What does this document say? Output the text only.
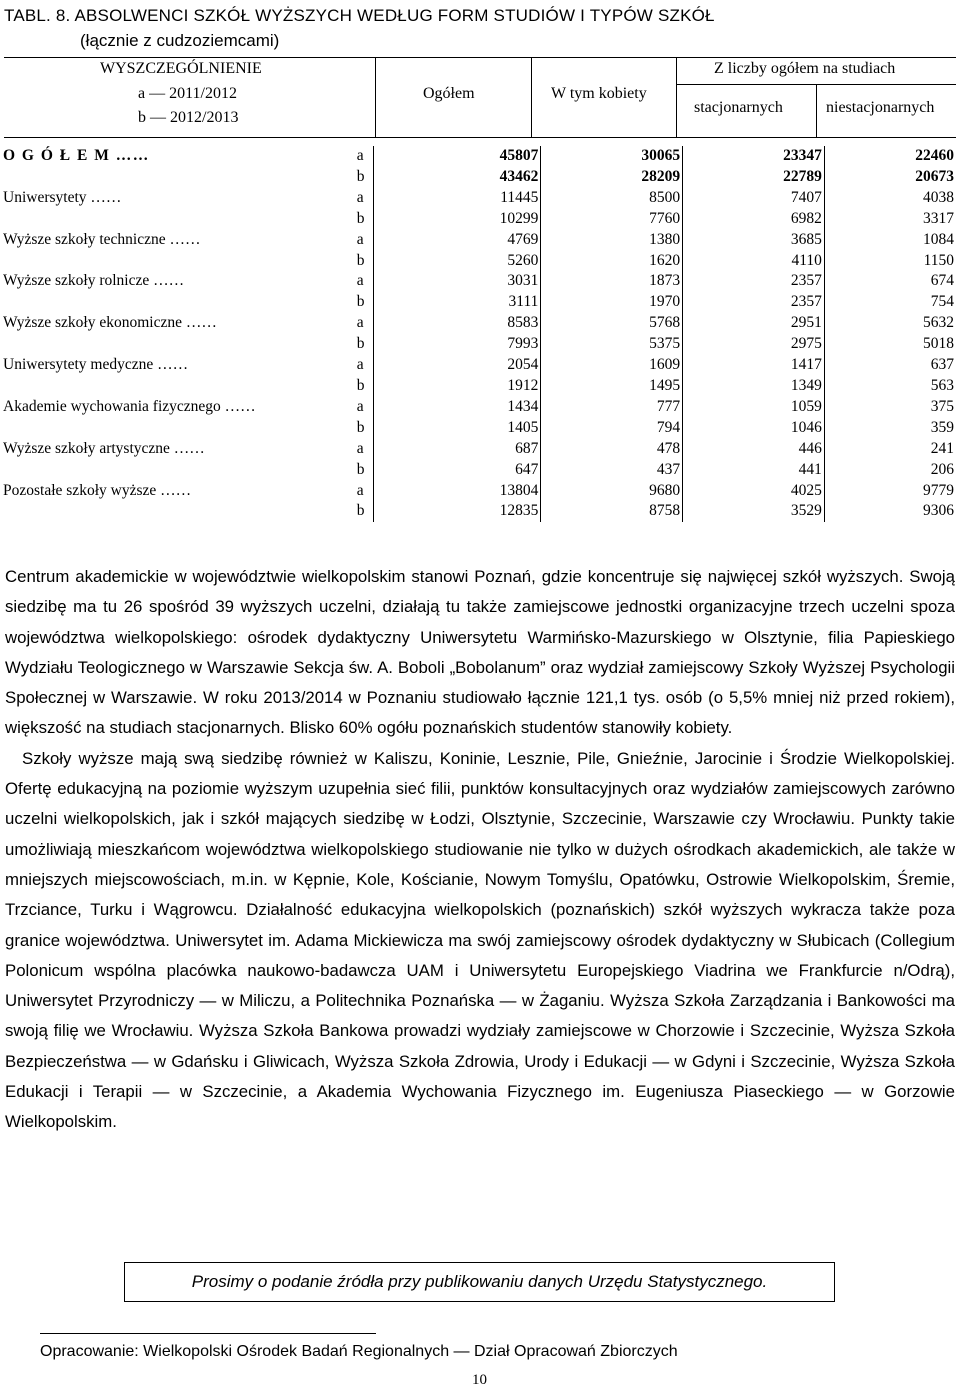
TABL. 8. ABSOLWENCI SZKÓŁ WYŻSZYCH WEDŁUG FORM STUDIÓW I TYPÓW SZKÓŁ
(łącznie z cudzoziemcami)
WYSZCZEGÓLNIENIE
a — 2011/2012
b — 2012/2013
Ogółem	W tym kobiety
Z liczby ogółem na studiach
stacjonarnych	niestacjonarnych
O G Ó Ł E M ……	a	45807	30065	23347	22460
	b	43462	28209	22789	20673
Uniwersytety ……	a	11445	8500	7407	4038
	b	10299	7760	6982	3317
Wyższe szkoły techniczne ……	a	4769	1380	3685	1084
	b	5260	1620	4110	1150
Wyższe szkoły rolnicze ……	a	3031	1873	2357	674
	b	3111	1970	2357	754
Wyższe szkoły ekonomiczne ……	a	8583	5768	2951	5632
	b	7993	5375	2975	5018
Uniwersytety medyczne ……	a	2054	1609	1417	637
	b	1912	1495	1349	563
Akademie wychowania fizycznego ……	a	1434	777	1059	375
	b	1405	794	1046	359
Wyższe szkoły artystyczne ……	a	687	478	446	241
	b	647	437	441	206
Pozostałe szkoły wyższe ……	a	13804	9680	4025	9779
	b	12835	8758	3529	9306

Centrum akademickie w województwie wielkopolskim stanowi Poznań, gdzie koncentruje się najwięcej szkół wyższych. Swoją siedzibę ma tu 26 spośród 39 wyższych uczelni, działają tu także zamiejscowe jednostki organizacyjne trzech uczelni spoza województwa wielkopolskiego: ośrodek dydaktyczny Uniwersytetu Warmińsko-Mazurskiego w Olsztynie, filia Papieskiego Wydziału Teologicznego w Warszawie Sekcja św. A. Boboli „Bobolanum” oraz wydział zamiejscowy Szkoły Wyższej Psychologii Społecznej w Warszawie. W roku 2013/2014 w Poznaniu studiowało łącznie 121,1 tys. osób (o 5,5% mniej niż przed rokiem), większość na studiach stacjonarnych. Blisko 60% ogółu poznańskich studentów stanowiły kobiety.

Szkoły wyższe mają swą siedzibę również w Kaliszu, Koninie, Lesznie, Pile, Gnieźnie, Jarocinie i Środzie Wielkopolskiej. Ofertę edukacyjną na poziomie wyższym uzupełnia sieć filii, punktów konsultacyjnych oraz wydziałów zamiejscowych zarówno uczelni wielkopolskich, jak i szkół mających siedzibę w Łodzi, Olsztynie, Szczecinie, Warszawie czy Wrocławiu. Punkty takie umożliwiają mieszkańcom województwa wielkopolskiego studiowanie nie tylko w dużych ośrodkach akademickich, ale także w mniejszych miejscowościach, m.in. w Kępnie, Kole, Kościanie, Nowym Tomyślu, Opatówku, Ostrowie Wielkopolskim, Śremie, Trzciance, Turku i Wągrowcu. Działalność edukacyjna wielkopolskich (poznańskich) szkół wyższych wykracza także poza granice województwa. Uniwersytet im. Adama Mickiewicza ma swój zamiejscowy ośrodek dydaktyczny w Słubicach (Collegium Polonicum wspólna placówka naukowo-badawcza UAM i Uniwersytetu Europejskiego Viadrina we Frankfurcie n/Odrą), Uniwersytet Przyrodniczy — w Miliczu, a Politechnika Poznańska — w Żaganiu. Wyższa Szkoła Zarządzania i Bankowości ma swoją filię we Wrocławiu. Wyższa Szkoła Bankowa prowadzi wydziały zamiejscowe w Chorzowie i Szczecinie, Wyższa Szkoła Bezpieczeństwa — w Gdańsku i Gliwicach, Wyższa Szkoła Zdrowia, Urody i Edukacji — w Gdyni i Szczecinie, Wyższa Szkoła Edukacji i Terapii — w Szczecinie, a Akademia Wychowania Fizycznego im. Eugeniusza Piaseckiego — w Gorzowie Wielkopolskim.

Prosimy o podanie źródła przy publikowaniu danych Urzędu Statystycznego.
Opracowanie: Wielkopolski Ośrodek Badań Regionalnych — Dział Opracowań Zbiorczych
10
